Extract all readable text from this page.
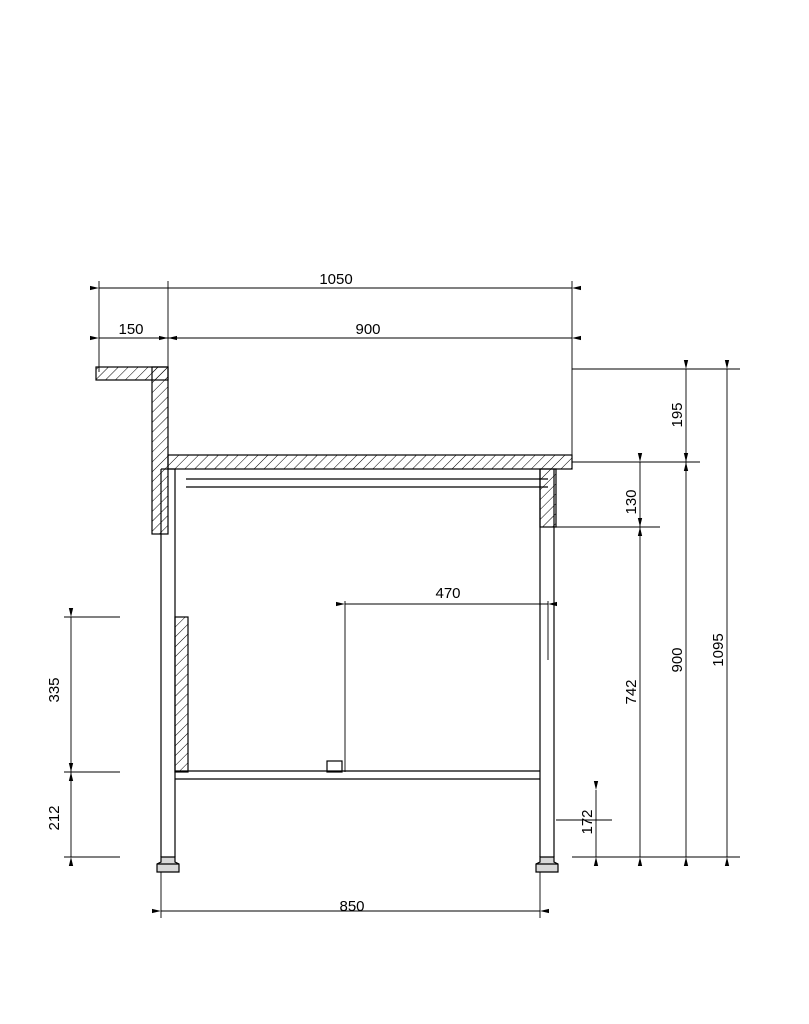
1050
150	900
195
130
1095
900
742
172
470
335
212
850
